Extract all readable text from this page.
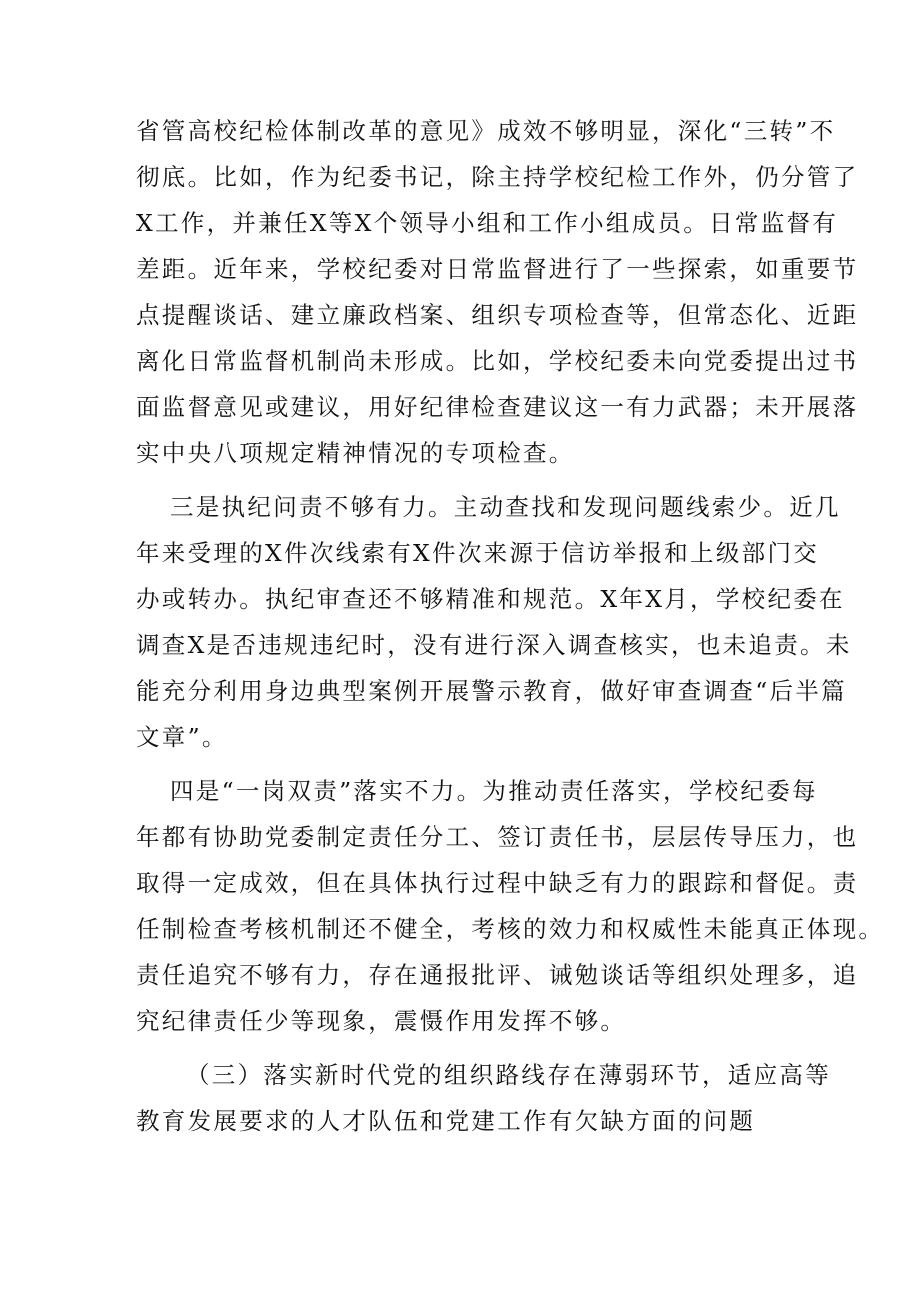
省管高校纪检体制改革的意见》成效不够明显，深化“三转”不
彻底。比如，作为纪委书记，除主持学校纪检工作外，仍分管了
X工作，并兼任X等X个领导小组和工作小组成员。日常监督有
差距。近年来，学校纪委对日常监督进行了一些探索，如重要节
点提醒谈话、建立廉政档案、组织专项检查等，但常态化、近距
离化日常监督机制尚未形成。比如，学校纪委未向党委提出过书
面监督意见或建议，用好纪律检查建议这一有力武器；未开展落
实中央八项规定精神情况的专项检查。
三是执纪问责不够有力。主动查找和发现问题线索少。近几
年来受理的X件次线索有X件次来源于信访举报和上级部门交
办或转办。执纪审查还不够精准和规范。X年X月，学校纪委在
调查X是否违规违纪时，没有进行深入调查核实，也未追责。未
能充分利用身边典型案例开展警示教育，做好审查调查“后半篇
文章”。
四是“一岗双责”落实不力。为推动责任落实，学校纪委每
年都有协助党委制定责任分工、签订责任书，层层传导压力，也
取得一定成效，但在具体执行过程中缺乏有力的跟踪和督促。责
任制检查考核机制还不健全，考核的效力和权威性未能真正体现。
责任追究不够有力，存在通报批评、诫勉谈话等组织处理多，追
究纪律责任少等现象，震慑作用发挥不够。
（三）落实新时代党的组织路线存在薄弱环节，适应高等
教育发展要求的人才队伍和党建工作有欠缺方面的问题
